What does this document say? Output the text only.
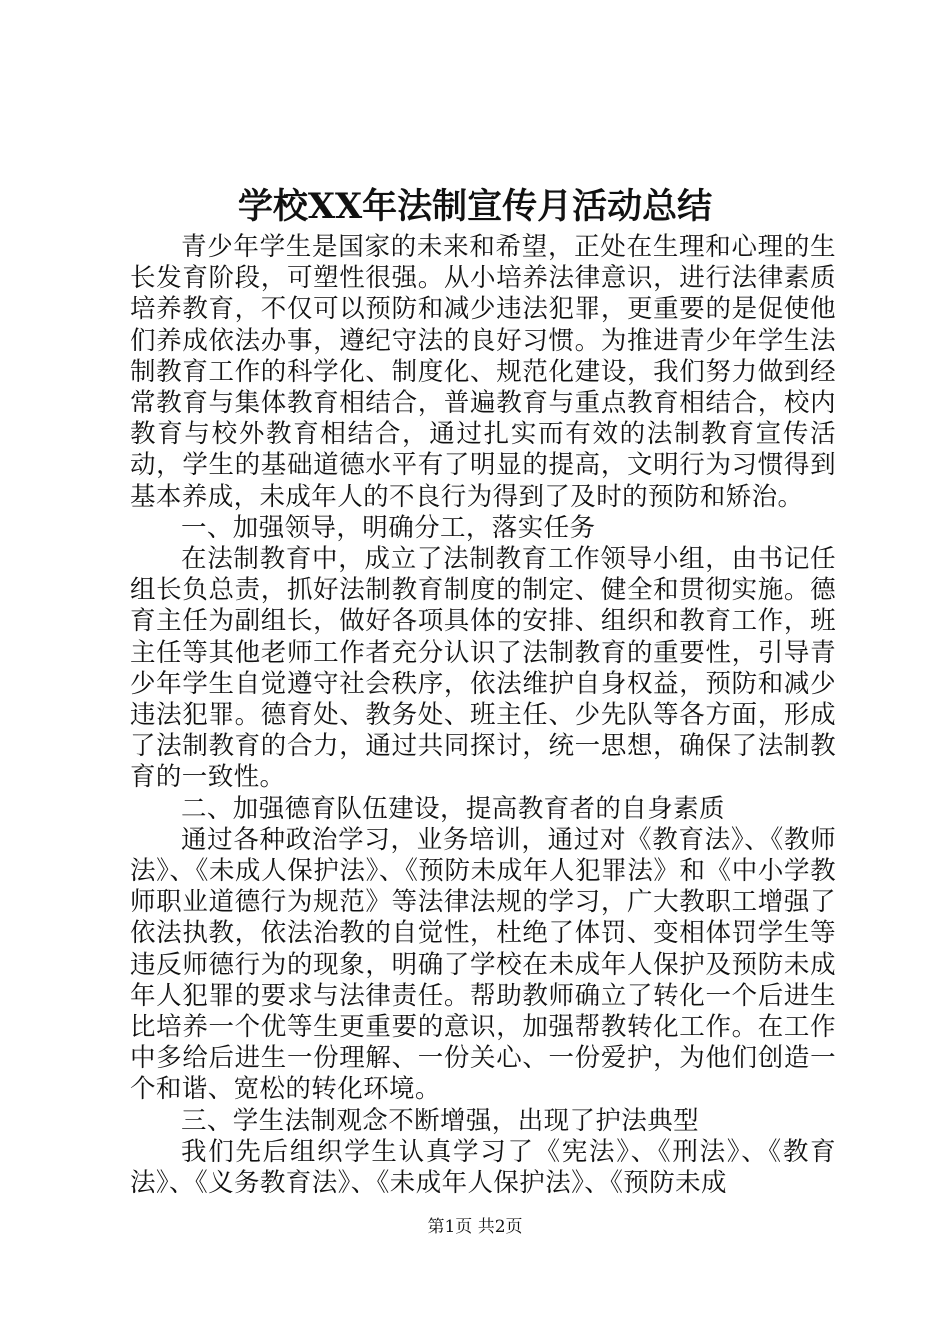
学校XX年法制宣传月活动总结

青少年学生是国家的未来和希望，正处在生理和心理的生长发育阶段，可塑性很强。从小培养法律意识，进行法律素质培养教育，不仅可以预防和减少违法犯罪，更重要的是促使他们养成依法办事，遵纪守法的良好习惯。为推进青少年学生法制教育工作的科学化、制度化、规范化建设，我们努力做到经常教育与集体教育相结合，普遍教育与重点教育相结合，校内教育与校外教育相结合，通过扎实而有效的法制教育宣传活动，学生的基础道德水平有了明显的提高，文明行为习惯得到基本养成，未成年人的不良行为得到了及时的预防和矫治。

一、加强领导，明确分工，落实任务

在法制教育中，成立了法制教育工作领导小组，由书记任组长负总责，抓好法制教育制度的制定、健全和贯彻实施。德育主任为副组长，做好各项具体的安排、组织和教育工作，班主任等其他老师工作者充分认识了法制教育的重要性，引导青少年学生自觉遵守社会秩序，依法维护自身权益，预防和减少违法犯罪。德育处、教务处、班主任、少先队等各方面，形成了法制教育的合力，通过共同探讨，统一思想，确保了法制教育的一致性。

二、加强德育队伍建设，提高教育者的自身素质

通过各种政治学习，业务培训，通过对《教育法》、《教师法》、《未成人保护法》、《预防未成年人犯罪法》和《中小学教师职业道德行为规范》等法律法规的学习，广大教职工增强了依法执教，依法治教的自觉性，杜绝了体罚、变相体罚学生等违反师德行为的现象，明确了学校在未成年人保护及预防未成年人犯罪的要求与法律责任。帮助教师确立了转化一个后进生比培养一个优等生更重要的意识，加强帮教转化工作。在工作中多给后进生一份理解、一份关心、一份爱护，为他们创造一个和谐、宽松的转化环境。

三、学生法制观念不断增强，出现了护法典型

我们先后组织学生认真学习了《宪法》、《刑法》、《教育法》、《义务教育法》、《未成年人保护法》、《预防未成

第1页 共2页
